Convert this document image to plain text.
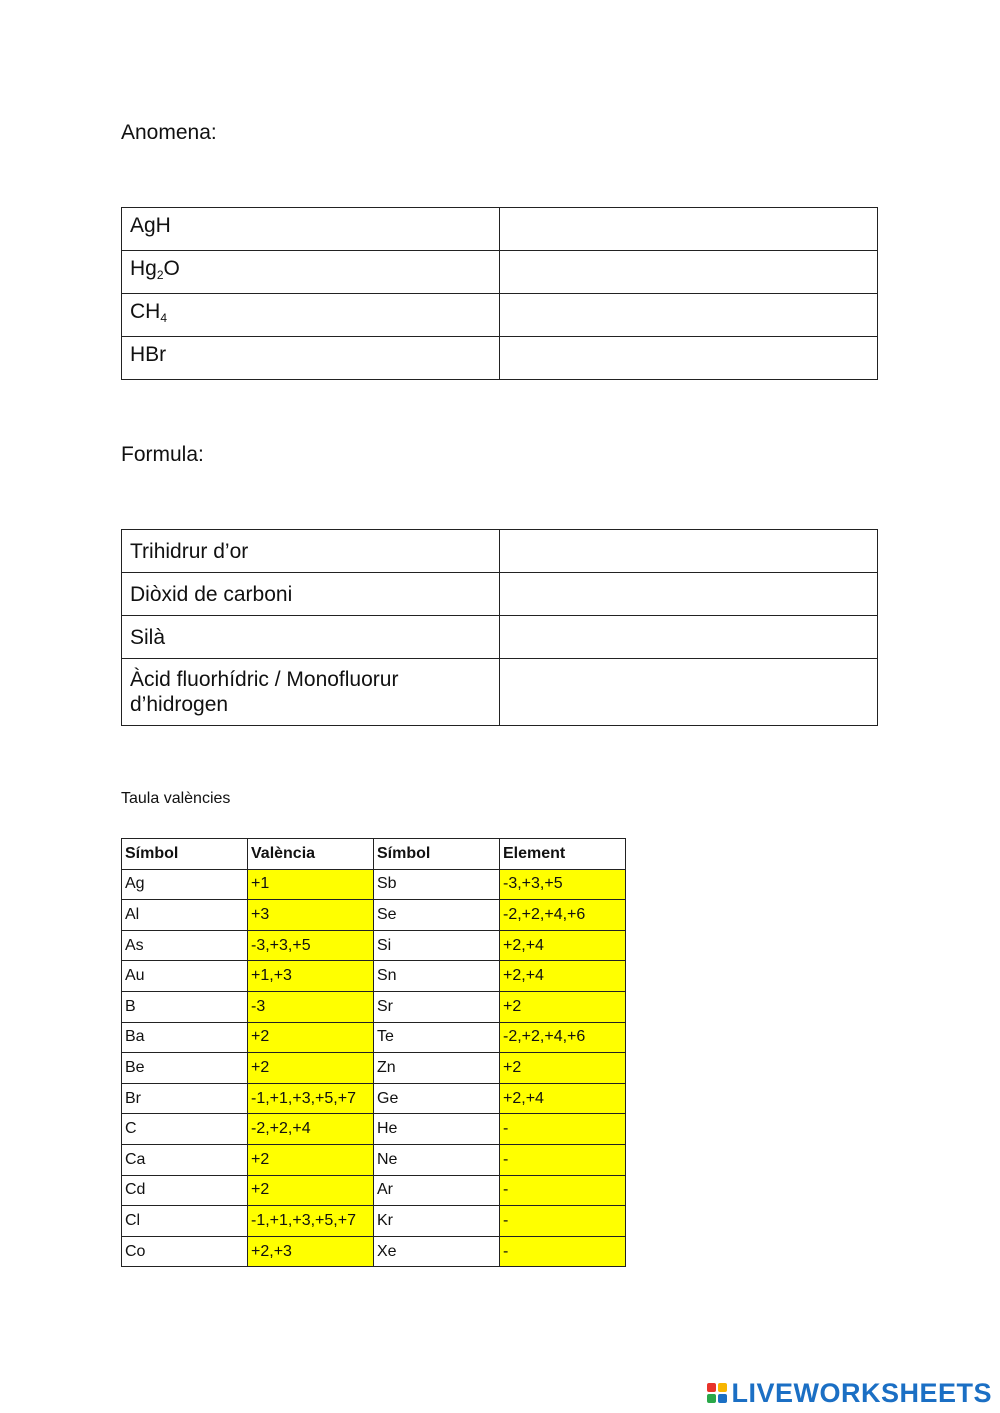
Anomena:
AgH	
$Hg_2O$	
$CH_4$	
HBr	
Formula:
Trihidrur d’or	
Diòxid de carboni	
Silà	
Àcid fluorhídric / Monofluorur d’hidrogen	
Taula valències
Símbol	València	Símbol	Element
Ag	+1	Sb	-3,+3,+5
Al	+3	Se	-2,+2,+4,+6
As	-3,+3,+5	Si	+2,+4
Au	+1,+3	Sn	+2,+4
B	-3	Sr	+2
Ba	+2	Te	-2,+2,+4,+6
Be	+2	Zn	+2
Br	-1,+1,+3,+5,+7	Ge	+2,+4
C	-2,+2,+4	He	-
Ca	+2	Ne	-
Cd	+2	Ar	-
Cl	-1,+1,+3,+5,+7	Kr	-
Co	+2,+3	Xe	-
LIVEWORKSHEETS
